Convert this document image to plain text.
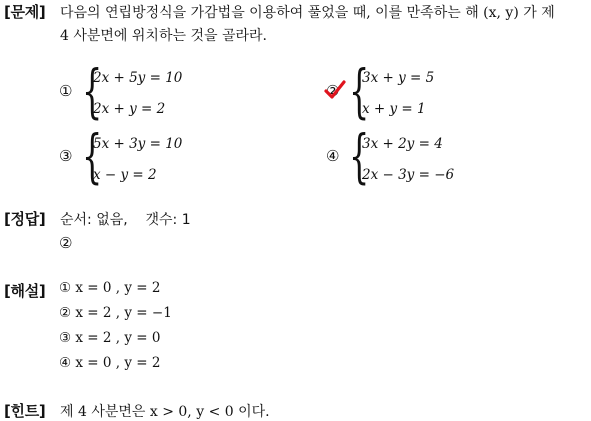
[문제] 다음의 연립방정식을 가감법을 이용하여 풀었을 때, 이를 만족하는 해 (x, y) 가 제
4 사분면에 위치하는 것을 골라라.
① {
2x + 5y = 10
2x + y = 2
② {
3x + y = 5
x + y = 1
③ {
5x + 3y = 10
x − y = 2
④ {
3x + 2y = 4
2x − 3y = −6
[정답] 순서: 없음,    갯수: 1
②
[해설] ① x = 0 , y = 2
② x = 2 , y = −1
③ x = 2 , y = 0
④ x = 0 , y = 2
[힌트] 제 4 사분면은 x > 0, y < 0 이다.
